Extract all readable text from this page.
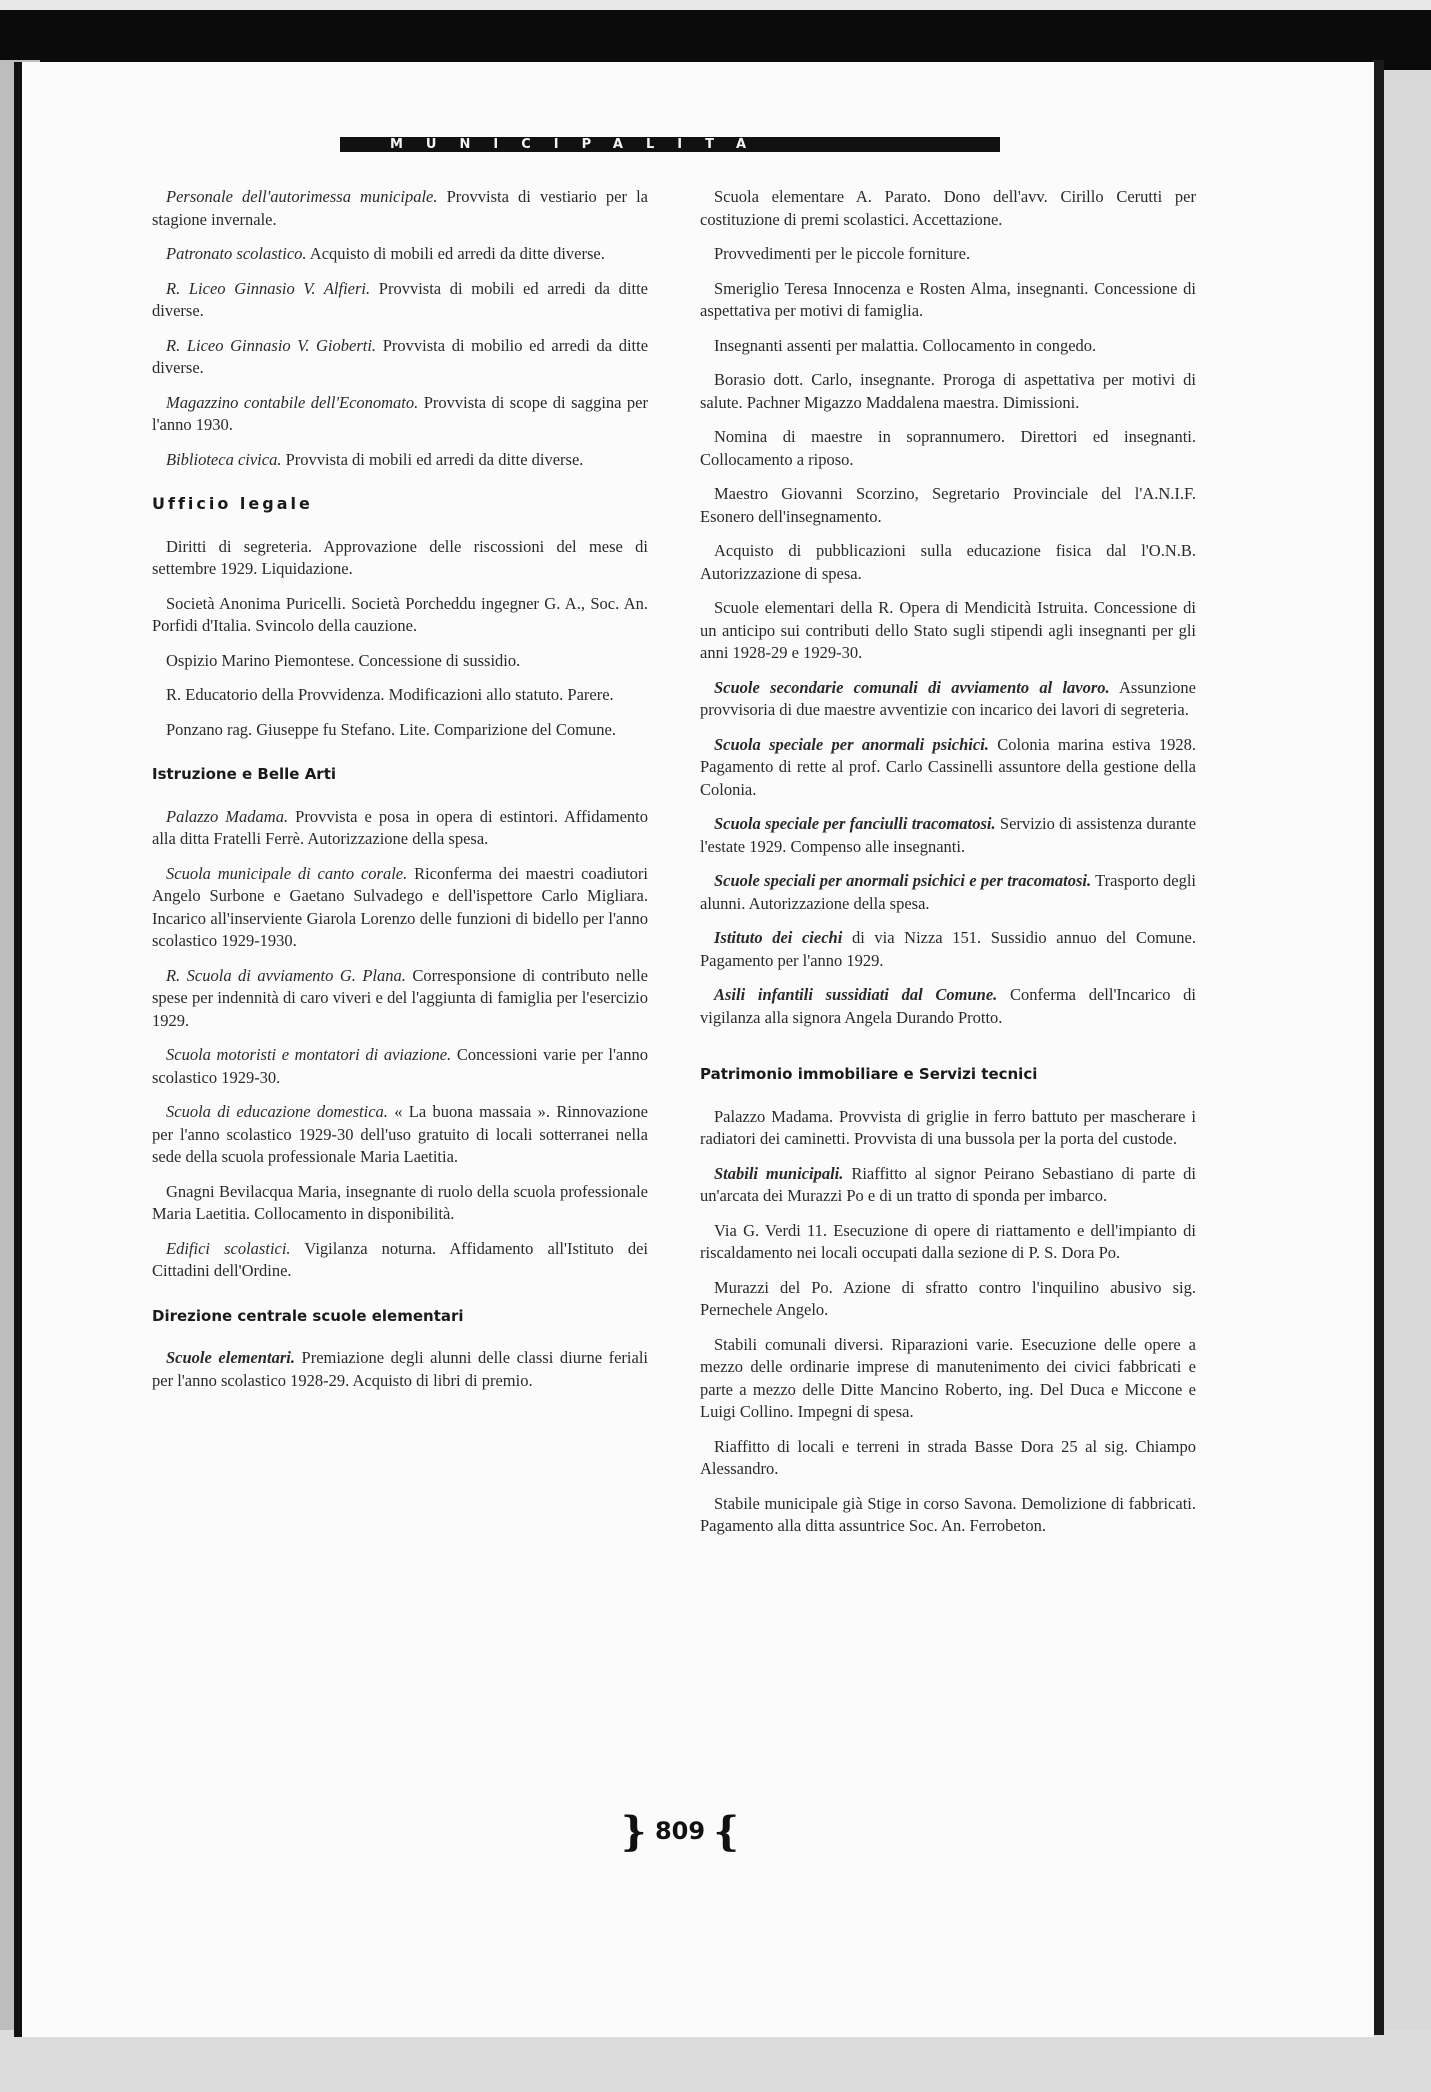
MUNICIPALITÀ

Personale dell'autorimessa municipale. Provvista di vestiario per la stagione invernale.

Patronato scolastico. Acquisto di mobili ed arredi da ditte diverse.

R. Liceo Ginnasio V. Alfieri. Provvista di mobili ed arredi da ditte diverse.

R. Liceo Ginnasio V. Gioberti. Provvista di mobilio ed arredi da ditte diverse.

Magazzino contabile dell'Economato. Provvista di scope di saggina per l'anno 1930.

Biblioteca civica. Provvista di mobili ed arredi da ditte diverse.

Ufficio legale

Diritti di segreteria. Approvazione delle riscossioni del mese di settembre 1929. Liquidazione.

Società Anonima Puricelli. Società Porcheddu ingegner G. A., Soc. An. Porfidi d'Italia. Svincolo della cauzione.

Ospizio Marino Piemontese. Concessione di sussidio.

R. Educatorio della Provvidenza. Modificazioni allo statuto. Parere.

Ponzano rag. Giuseppe fu Stefano. Lite. Comparizione del Comune.

Istruzione e Belle Arti

Palazzo Madama. Provvista e posa in opera di estintori. Affidamento alla ditta Fratelli Ferrè. Autorizzazione della spesa.

Scuola municipale di canto corale. Riconferma dei maestri coadiutori Angelo Surbone e Gaetano Sulvadego e dell'ispettore Carlo Migliara. Incarico all'inserviente Giarola Lorenzo delle funzioni di bidello per l'anno scolastico 1929-1930.

R. Scuola di avviamento G. Plana. Corresponsione di contributo nelle spese per indennità di caro viveri e del l'aggiunta di famiglia per l'esercizio 1929.

Scuola motoristi e montatori di aviazione. Concessioni varie per l'anno scolastico 1929-30.

Scuola di educazione domestica. « La buona massaia ». Rinnovazione per l'anno scolastico 1929-30 dell'uso gratuito di locali sotterranei nella sede della scuola professionale Maria Laetitia.

Gnagni Bevilacqua Maria, insegnante di ruolo della scuola professionale Maria Laetitia. Collocamento in disponibilità.

Edifici scolastici. Vigilanza noturna. Affidamento all'Istituto dei Cittadini dell'Ordine.

Direzione centrale scuole elementari

Scuole elementari. Premiazione degli alunni delle classi diurne feriali per l'anno scolastico 1928-29. Acquisto di libri di premio.

Scuola elementare A. Parato. Dono dell'avv. Cirillo Cerutti per costituzione di premi scolastici. Accettazione.

Provvedimenti per le piccole forniture.

Smeriglio Teresa Innocenza e Rosten Alma, insegnanti. Concessione di aspettativa per motivi di famiglia.

Insegnanti assenti per malattia. Collocamento in congedo.

Borasio dott. Carlo, insegnante. Proroga di aspettativa per motivi di salute. Pachner Migazzo Maddalena maestra. Dimissioni.

Nomina di maestre in soprannumero. Direttori ed insegnanti. Collocamento a riposo.

Maestro Giovanni Scorzino, Segretario Provinciale del l'A.N.I.F. Esonero dell'insegnamento.

Acquisto di pubblicazioni sulla educazione fisica dal l'O.N.B. Autorizzazione di spesa.

Scuole elementari della R. Opera di Mendicità Istruita. Concessione di un anticipo sui contributi dello Stato sugli stipendi agli insegnanti per gli anni 1928-29 e 1929-30.

Scuole secondarie comunali di avviamento al lavoro. Assunzione provvisoria di due maestre avventizie con incarico dei lavori di segreteria.

Scuola speciale per anormali psichici. Colonia marina estiva 1928. Pagamento di rette al prof. Carlo Cassinelli assuntore della gestione della Colonia.

Scuola speciale per fanciulli tracomatosi. Servizio di assistenza durante l'estate 1929. Compenso alle insegnanti.

Scuole speciali per anormali psichici e per tracomatosi. Trasporto degli alunni. Autorizzazione della spesa.

Istituto dei ciechi di via Nizza 151. Sussidio annuo del Comune. Pagamento per l'anno 1929.

Asili infantili sussidiati dal Comune. Conferma dell'Incarico di vigilanza alla signora Angela Durando Protto.

Patrimonio immobiliare e Servizi tecnici

Palazzo Madama. Provvista di griglie in ferro battuto per mascherare i radiatori dei caminetti. Provvista di una bussola per la porta del custode.

Stabili municipali. Riaffitto al signor Peirano Sebastiano di parte di un'arcata dei Murazzi Po e di un tratto di sponda per imbarco.

Via G. Verdi 11. Esecuzione di opere di riattamento e dell'impianto di riscaldamento nei locali occupati dalla sezione di P. S. Dora Po.

Murazzi del Po. Azione di sfratto contro l'inquilino abusivo sig. Pernechele Angelo.

Stabili comunali diversi. Riparazioni varie. Esecuzione delle opere a mezzo delle ordinarie imprese di manutenimento dei civici fabbricati e parte a mezzo delle Ditte Mancino Roberto, ing. Del Duca e Miccone e Luigi Collino. Impegni di spesa.

Riaffitto di locali e terreni in strada Basse Dora 25 al sig. Chiampo Alessandro.

Stabile municipale già Stige in corso Savona. Demolizione di fabbricati. Pagamento alla ditta assuntrice Soc. An. Ferrobeton.

} 809 {
